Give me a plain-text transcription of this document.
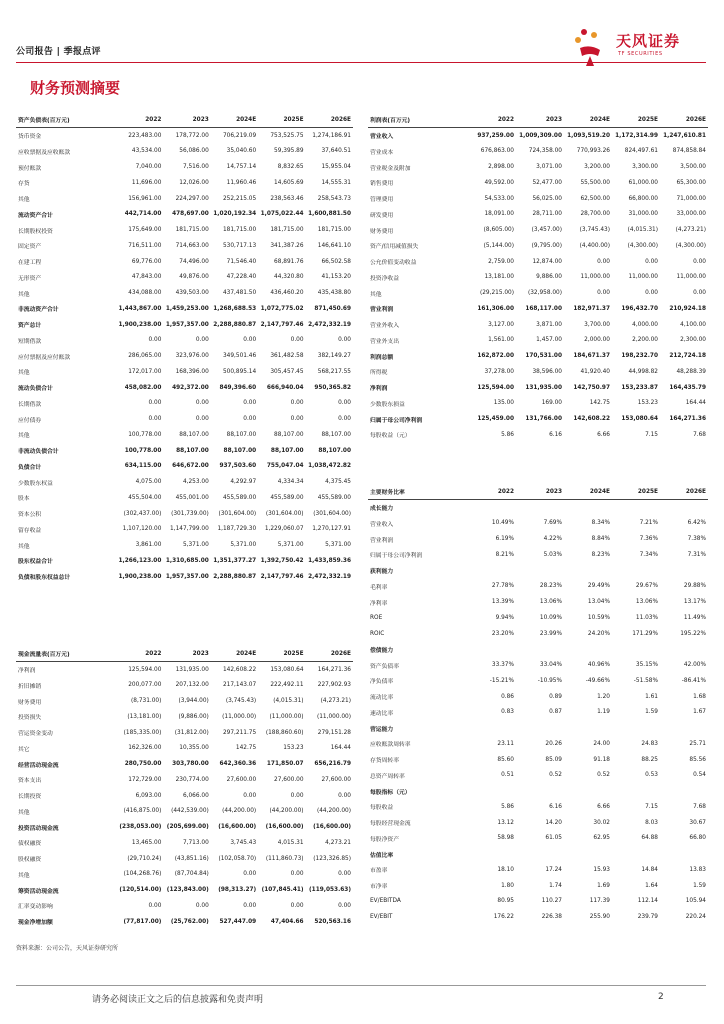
公司报告 | 季报点评
天风证券
TF SECURITIES
财务预测摘要
资产负债表(百万元)	2022	2023	2024E	2025E	2026E
货币资金	223,483.00	178,772.00	706,219.09	753,525.75	1,274,186.91
应收票据及应收账款	43,534.00	56,086.00	35,040.60	59,395.89	37,640.51
预付账款	7,040.00	7,516.00	14,757.14	8,832.65	15,955.04
存货	11,696.00	12,026.00	11,960.46	14,605.69	14,555.31
其他	156,961.00	224,297.00	252,215.05	238,563.46	258,543.73
流动资产合计	442,714.00	478,697.00	1,020,192.34	1,075,022.44	1,600,881.50
长期股权投资	175,649.00	181,715.00	181,715.00	181,715.00	181,715.00
固定资产	716,511.00	714,663.00	530,717.13	341,387.26	146,641.10
在建工程	69,776.00	74,496.00	71,546.40	68,891.76	66,502.58
无形资产	47,843.00	49,876.00	47,228.40	44,320.80	41,153.20
其他	434,088.00	439,503.00	437,481.50	436,460.20	435,438.80
非流动资产合计	1,443,867.00	1,459,253.00	1,268,688.53	1,072,775.02	871,450.69
资产总计	1,900,238.00	1,957,357.00	2,288,880.87	2,147,797.46	2,472,332.19
短期借款	0.00	0.00	0.00	0.00	0.00
应付票据及应付账款	286,065.00	323,976.00	349,501.46	361,482.58	382,149.27
其他	172,017.00	168,396.00	500,895.14	305,457.45	568,217.55
流动负债合计	458,082.00	492,372.00	849,396.60	666,940.04	950,365.82
长期借款	0.00	0.00	0.00	0.00	0.00
应付债券	0.00	0.00	0.00	0.00	0.00
其他	100,778.00	88,107.00	88,107.00	88,107.00	88,107.00
非流动负债合计	100,778.00	88,107.00	88,107.00	88,107.00	88,107.00
负债合计	634,115.00	646,672.00	937,503.60	755,047.04	1,038,472.82
少数股东权益	4,075.00	4,253.00	4,292.97	4,334.34	4,375.45
股本	455,504.00	455,001.00	455,589.00	455,589.00	455,589.00
资本公积	(302,437.00)	(301,739.00)	(301,604.00)	(301,604.00)	(301,604.00)
留存收益	1,107,120.00	1,147,799.00	1,187,729.30	1,229,060.07	1,270,127.91
其他	3,861.00	5,371.00	5,371.00	5,371.00	5,371.00
股东权益合计	1,266,123.00	1,310,685.00	1,351,377.27	1,392,750.42	1,433,859.36
负债和股东权益总计	1,900,238.00	1,957,357.00	2,288,880.87	2,147,797.46	2,472,332.19
利润表(百万元)	2022	2023	2024E	2025E	2026E
营业收入	937,259.00	1,009,309.00	1,093,519.20	1,172,314.99	1,247,610.81
营业成本	676,863.00	724,358.00	770,993.26	824,497.61	874,858.84
营业税金及附加	2,898.00	3,071.00	3,200.00	3,300.00	3,500.00
销售费用	49,592.00	52,477.00	55,500.00	61,000.00	65,300.00
管理费用	54,533.00	56,025.00	62,500.00	66,800.00	71,000.00
研发费用	18,091.00	28,711.00	28,700.00	31,000.00	33,000.00
财务费用	(8,605.00)	(3,457.00)	(3,745.43)	(4,015.31)	(4,273.21)
资产/信用减值损失	(5,144.00)	(9,795.00)	(4,400.00)	(4,300.00)	(4,300.00)
公允价值变动收益	2,759.00	12,874.00	0.00	0.00	0.00
投资净收益	13,181.00	9,886.00	11,000.00	11,000.00	11,000.00
其他	(29,215.00)	(32,958.00)	0.00	0.00	0.00
营业利润	161,306.00	168,117.00	182,971.37	196,432.70	210,924.18
营业外收入	3,127.00	3,871.00	3,700.00	4,000.00	4,100.00
营业外支出	1,561.00	1,457.00	2,000.00	2,200.00	2,300.00
利润总额	162,872.00	170,531.00	184,671.37	198,232.70	212,724.18
所得税	37,278.00	38,596.00	41,920.40	44,998.82	48,288.39
净利润	125,594.00	131,935.00	142,750.97	153,233.87	164,435.79
少数股东损益	135.00	169.00	142.75	153.23	164.44
归属于母公司净利润	125,459.00	131,766.00	142,608.22	153,080.64	164,271.36
每股收益（元）	5.86	6.16	6.66	7.15	7.68
主要财务比率	2022	2023	2024E	2025E	2026E
成长能力					
营业收入	10.49%	7.69%	8.34%	7.21%	6.42%
营业利润	6.19%	4.22%	8.84%	7.36%	7.38%
归属于母公司净利润	8.21%	5.03%	8.23%	7.34%	7.31%
获利能力					
毛利率	27.78%	28.23%	29.49%	29.67%	29.88%
净利率	13.39%	13.06%	13.04%	13.06%	13.17%
ROE	9.94%	10.09%	10.59%	11.03%	11.49%
ROIC	23.20%	23.99%	24.20%	171.29%	195.22%
偿债能力					
资产负债率	33.37%	33.04%	40.96%	35.15%	42.00%
净负债率	-15.21%	-10.95%	-49.66%	-51.58%	-86.41%
流动比率	0.86	0.89	1.20	1.61	1.68
速动比率	0.83	0.87	1.19	1.59	1.67
营运能力					
应收账款周转率	23.11	20.26	24.00	24.83	25.71
存货周转率	85.60	85.09	91.18	88.25	85.56
总资产周转率	0.51	0.52	0.52	0.53	0.54
每股指标（元）					
每股收益	5.86	6.16	6.66	7.15	7.68
每股经营现金流	13.12	14.20	30.02	8.03	30.67
每股净资产	58.98	61.05	62.95	64.88	66.80
估值比率					
市盈率	18.10	17.24	15.93	14.84	13.83
市净率	1.80	1.74	1.69	1.64	1.59
EV/EBITDA	80.95	110.27	117.39	112.14	105.94
EV/EBIT	176.22	226.38	255.90	239.79	220.24
现金流量表(百万元)	2022	2023	2024E	2025E	2026E
净利润	125,594.00	131,935.00	142,608.22	153,080.64	164,271.36
折旧摊销	200,077.00	207,132.00	217,143.07	222,492.11	227,902.93
财务费用	(8,731.00)	(3,944.00)	(3,745.43)	(4,015.31)	(4,273.21)
投资损失	(13,181.00)	(9,886.00)	(11,000.00)	(11,000.00)	(11,000.00)
营运资金变动	(185,335.00)	(31,812.00)	297,211.75	(188,860.60)	279,151.28
其它	162,326.00	10,355.00	142.75	153.23	164.44
经营活动现金流	280,750.00	303,780.00	642,360.36	171,850.07	656,216.79
资本支出	172,729.00	230,774.00	27,600.00	27,600.00	27,600.00
长期投资	6,093.00	6,066.00	0.00	0.00	0.00
其他	(416,875.00)	(442,539.00)	(44,200.00)	(44,200.00)	(44,200.00)
投资活动现金流	(238,053.00)	(205,699.00)	(16,600.00)	(16,600.00)	(16,600.00)
债权融资	13,465.00	7,713.00	3,745.43	4,015.31	4,273.21
股权融资	(29,710.24)	(43,851.16)	(102,058.70)	(111,860.73)	(123,326.85)
其他	(104,268.76)	(87,704.84)	0.00	0.00	0.00
筹资活动现金流	(120,514.00)	(123,843.00)	(98,313.27)	(107,845.41)	(119,053.63)
汇率变动影响	0.00	0.00	0.00	0.00	0.00
现金净增加额	(77,817.00)	(25,762.00)	527,447.09	47,404.66	520,563.16
资料来源：公司公告，天风证券研究所
请务必阅读正文之后的信息披露和免责声明	2
